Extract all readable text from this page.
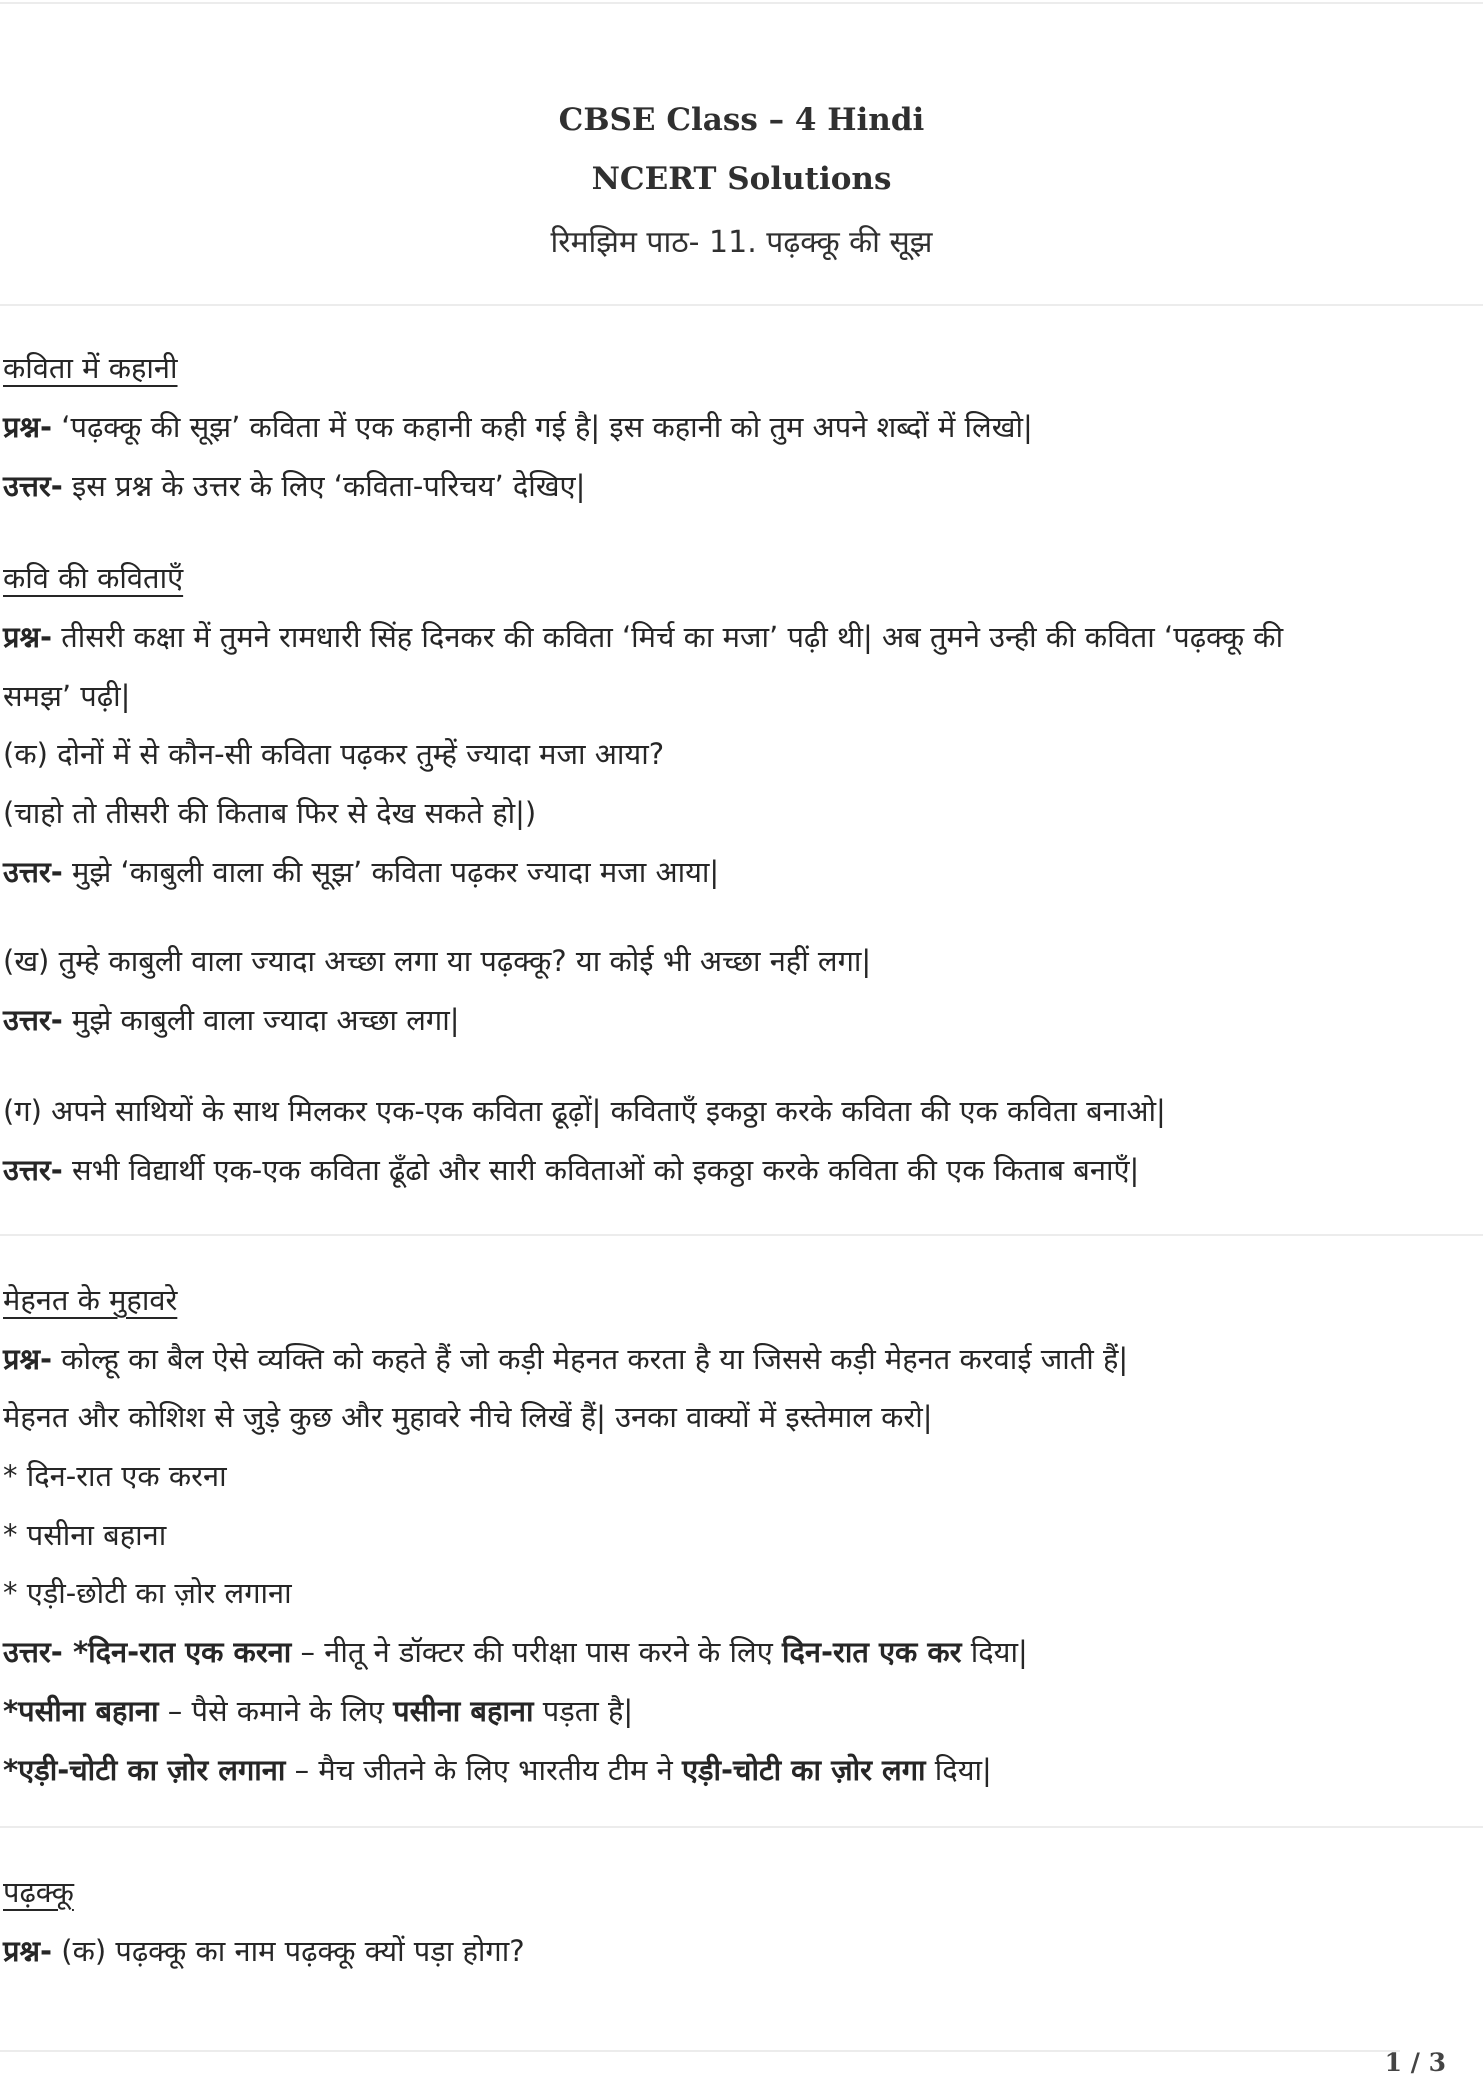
CBSE Class – 4 Hindi
NCERT Solutions
रिमझिम पाठ- 11. पढ़क्कू की सूझ
कविता में कहानी
प्रश्न- ‘पढ़क्कू की सूझ’ कविता में एक कहानी कही गई है| इस कहानी को तुम अपने शब्दों में लिखो|
उत्तर- इस प्रश्न के उत्तर के लिए ‘कविता-परिचय’ देखिए|
कवि की कविताएँ
प्रश्न- तीसरी कक्षा में तुमने रामधारी सिंह दिनकर की कविता ‘मिर्च का मजा’ पढ़ी थी| अब तुमने उन्ही की कविता ‘पढ़क्कू की
समझ’ पढ़ी|
(क) दोनों में से कौन-सी कविता पढ़कर तुम्हें ज्यादा मजा आया?
(चाहो तो तीसरी की किताब फिर से देख सकते हो|)
उत्तर- मुझे ‘काबुली वाला की सूझ’ कविता पढ़कर ज्यादा मजा आया|
(ख) तुम्हे काबुली वाला ज्यादा अच्छा लगा या पढ़क्कू? या कोई भी अच्छा नहीं लगा|
उत्तर- मुझे काबुली वाला ज्यादा अच्छा लगा|
(ग) अपने साथियों के साथ मिलकर एक-एक कविता ढूढ़ों| कविताएँ इकठ्ठा करके कविता की एक कविता बनाओ|
उत्तर- सभी विद्यार्थी एक-एक कविता ढूँढो और सारी कविताओं को इकठ्ठा करके कविता की एक किताब बनाएँ|
मेहनत के मुहावरे
प्रश्न- कोल्हू का बैल ऐसे व्यक्ति को कहते हैं जो कड़ी मेहनत करता है या जिससे कड़ी मेहनत करवाई जाती हैं|
मेहनत और कोशिश से जुड़े कुछ और मुहावरे नीचे लिखें हैं| उनका वाक्यों में इस्तेमाल करो|
* दिन-रात एक करना
* पसीना बहाना
* एड़ी-छोटी का ज़ोर लगाना
उत्तर- *दिन-रात एक करना – नीतू ने डॉक्टर की परीक्षा पास करने के लिए दिन-रात एक कर दिया|
*पसीना बहाना – पैसे कमाने के लिए पसीना बहाना पड़ता है|
*एड़ी-चोटी का ज़ोर लगाना – मैच जीतने के लिए भारतीय टीम ने एड़ी-चोटी का ज़ोर लगा दिया|
पढ़क्कू
प्रश्न- (क) पढ़क्कू का नाम पढ़क्कू क्यों पड़ा होगा?
1 / 3
